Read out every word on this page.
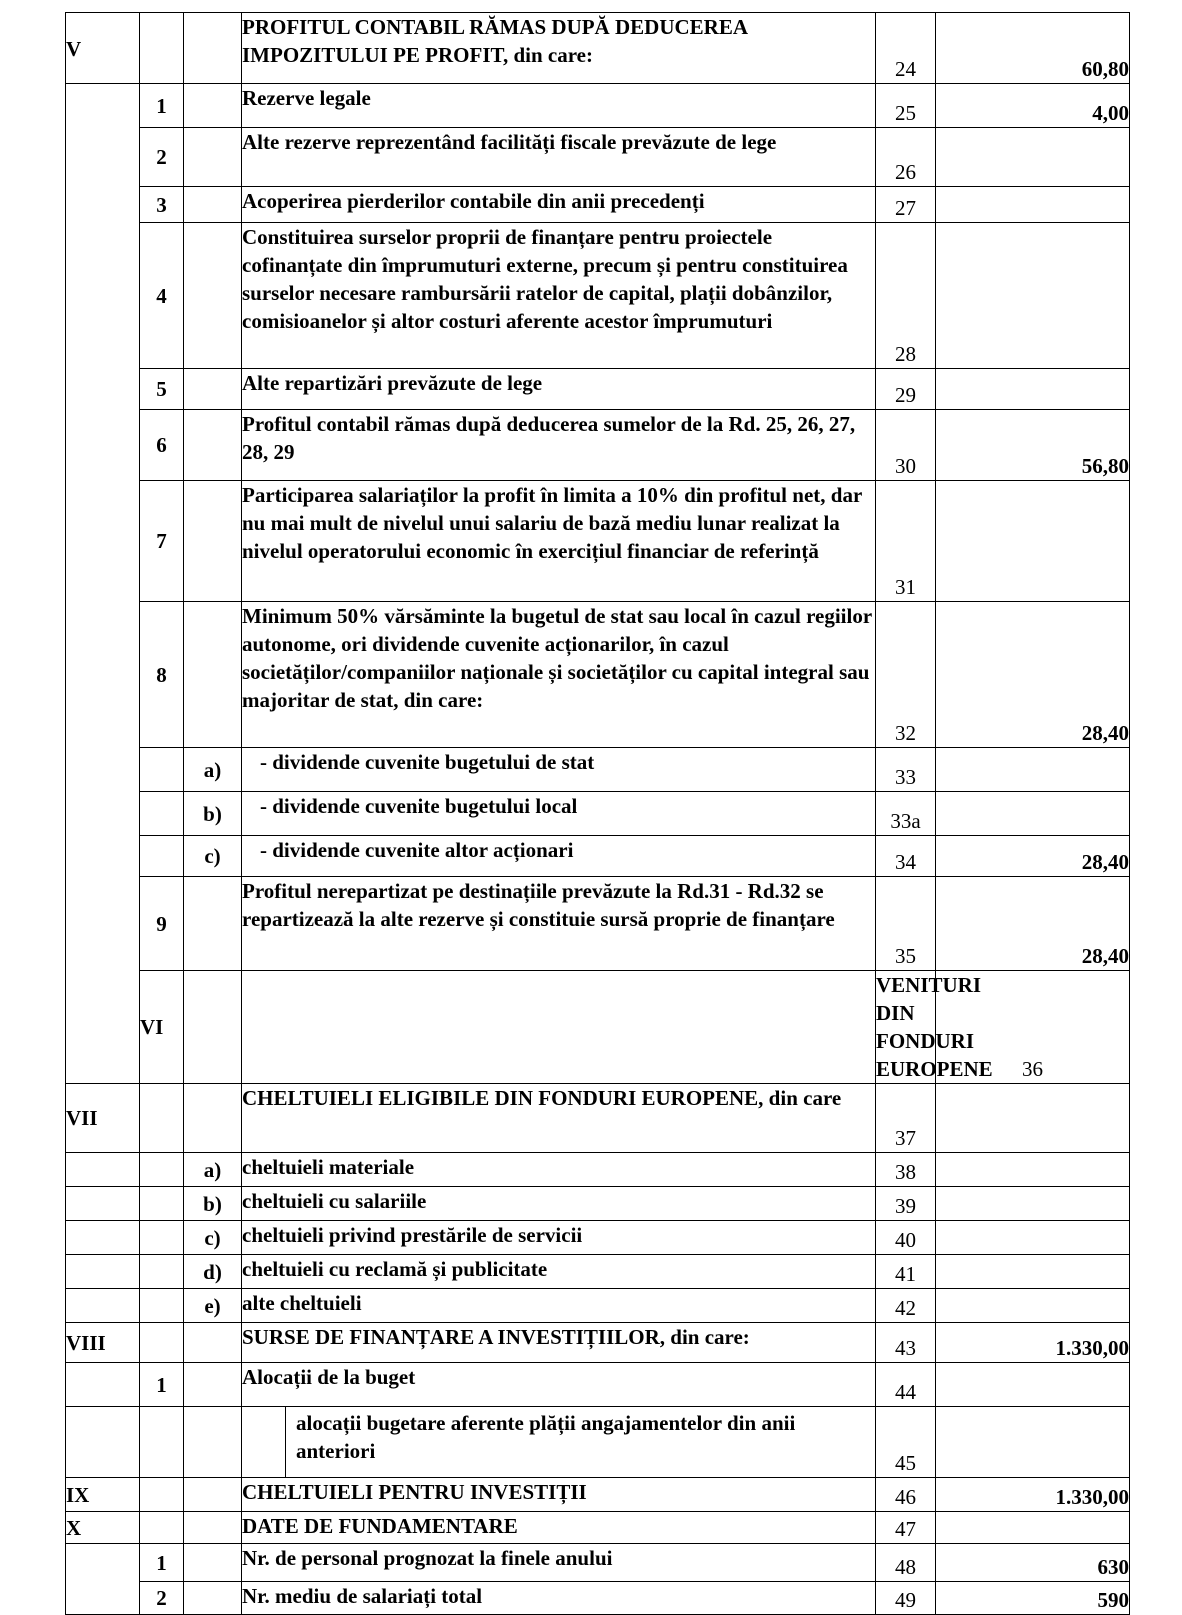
V			PROFITUL CONTABIL RĂMAS DUPĂ DEDUCEREA IMPOZITULUI PE PROFIT, din care:	24	60,80	
	1		Rezerve legale	25	4,00	
	2		Alte rezerve reprezentând facilități fiscale prevăzute de lege	26		
	3		Acoperirea pierderilor contabile din anii precedenți	27		
	4		Constituirea surselor proprii de finanțare pentru proiectele cofinanțate din împrumuturi externe, precum și pentru constituirea surselor necesare rambursării ratelor de capital, plații dobânzilor, comisioanelor și altor costuri aferente acestor împrumuturi	28		
	5		Alte repartizări prevăzute de lege	29		
	6		Profitul contabil rămas după deducerea sumelor de la Rd. 25, 26, 27, 28, 29	30	56,80	
	7		Participarea salariaților la profit în limita a 10% din profitul net, dar nu mai mult de nivelul unui salariu de bază mediu lunar realizat la nivelul operatorului economic în exercițiul financiar de referință	31		
	8		Minimum 50% vărsăminte la bugetul de stat sau local în cazul regiilor autonome, ori dividende cuvenite acționarilor, în cazul societăților/companiilor naționale și societăților cu capital integral sau majoritar de stat, din care:	32	28,40	
		a)	- dividende cuvenite bugetului de stat	33		
		b)	- dividende cuvenite bugetului local	33a		
		c)	- dividende cuvenite altor acționari	34	28,40	
	9		Profitul nerepartizat pe destinațiile prevăzute la Rd.31 - Rd.32 se repartizează la alte rezerve și constituie sursă proprie de finanțare	35	28,40	
	VI			VENITURI DIN FONDURI EUROPENE	36	
VII			CHELTUIELI ELIGIBILE DIN FONDURI EUROPENE, din care	37		
		a)	cheltuieli materiale	38		
		b)	cheltuieli cu salariile	39		
		c)	cheltuieli privind prestările de servicii	40		
		d)	cheltuieli cu reclamă și publicitate	41		
		e)	alte cheltuieli	42		
VIII			SURSE DE FINANȚARE A INVESTIȚIILOR, din care:	43	1.330,00	
	1		Alocații de la buget	44		

			alocații bugetare aferente plății angajamentelor din anii anteriori	45		
IX			CHELTUIELI PENTRU INVESTIȚII	46	1.330,00	
X			DATE DE FUNDAMENTARE	47		
	1		Nr. de personal prognozat la finele anului	48	630	
	2		Nr. mediu de salariați total	49	590	
